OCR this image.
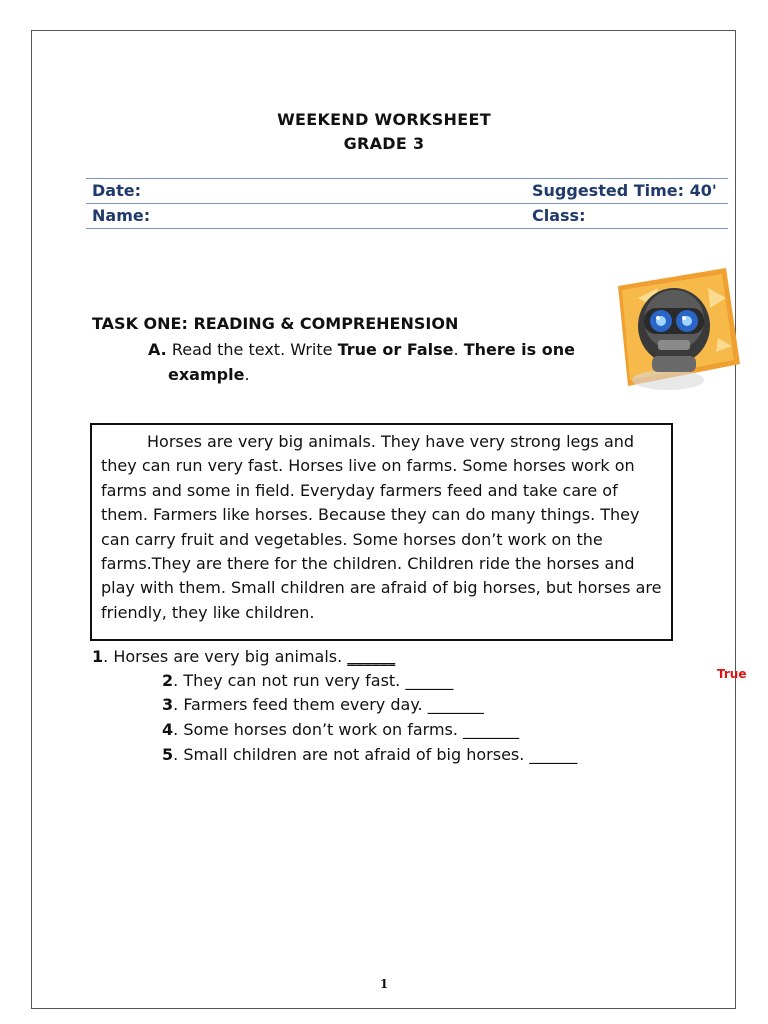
WEEKEND WORKSHEET
GRADE 3
Date:	Suggested Time: 40'
Name:	Class:
TASK ONE: READING & COMPREHENSION
A. Read the text. Write True or False. There is one
example.
Horses are very big animals. They have very strong legs and they can run very fast. Horses live on farms. Some horses work on farms and some in field. Everyday farmers feed and take care of them. Farmers like horses. Because they can do many things. They can carry fruit and vegetables. Some horses don’t work on the farms.They are there for the children. Children ride the horses and play with them. Small children are afraid of big horses, but horses are friendly, they like children.
1. Horses are very big animals. ______
2. They can not run very fast. ______
3. Farmers feed them every day. _______
4. Some horses don’t work on farms. _______
5. Small children are not afraid of big horses. ______
True
1
